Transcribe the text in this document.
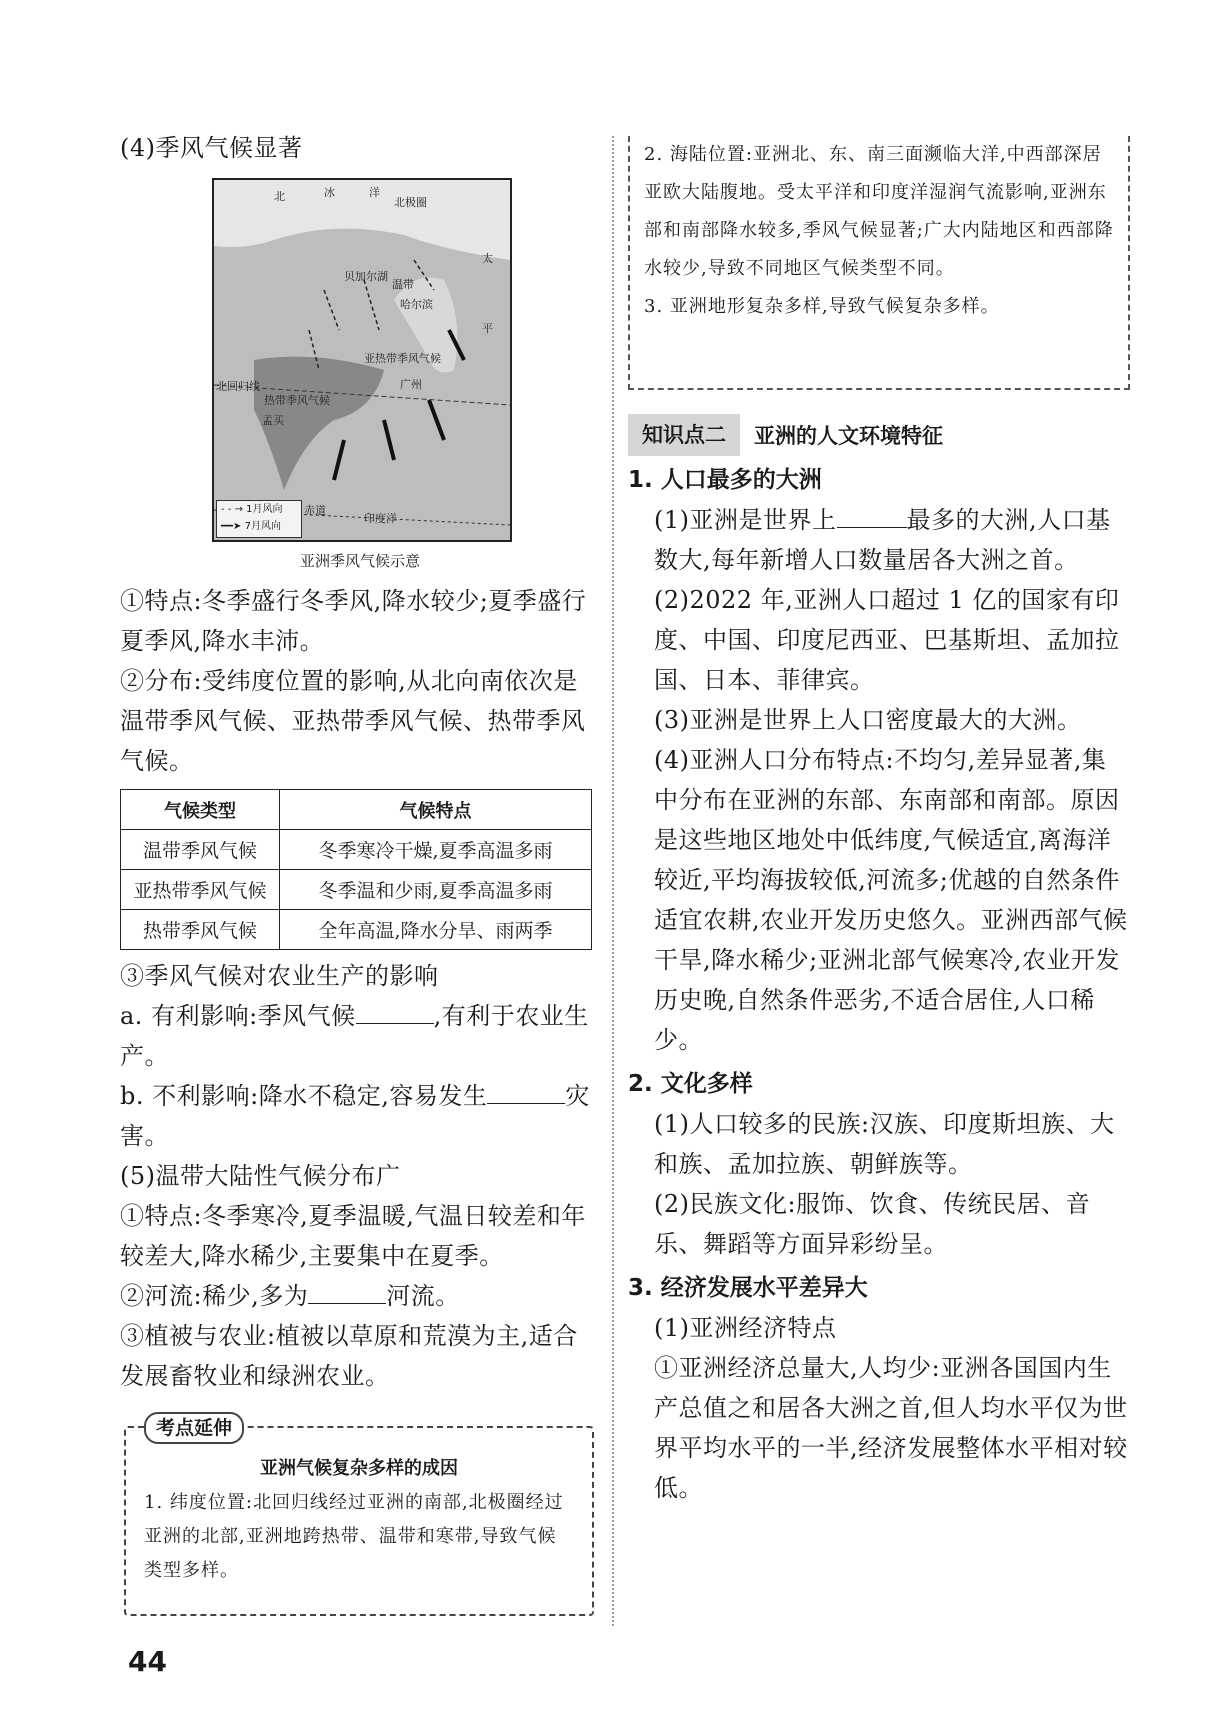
(4)季风气候显著

北	冰	洋
北极圈
贝加尔湖
温带
哈尔滨
亚热带季风气候
广州
热带季风气候
孟买
北回归线
赤道
印度洋
太
平
- - → 1月风向
━━➤ 7月风向
亚洲季风气候示意

①特点:冬季盛行冬季风,降水较少;夏季盛行夏季风,降水丰沛。

②分布:受纬度位置的影响,从北向南依次是温带季风气候、亚热带季风气候、热带季风气候。

气候类型	气候特点
温带季风气候	冬季寒冷干燥,夏季高温多雨
亚热带季风气候	冬季温和少雨,夏季高温多雨
热带季风气候	全年高温,降水分旱、雨两季

③季风气候对农业生产的影响

a. 有利影响:季风气候	,有利于农业生产。

b. 不利影响:降水不稳定,容易发生	灾害。

(5)温带大陆性气候分布广

①特点:冬季寒冷,夏季温暖,气温日较差和年较差大,降水稀少,主要集中在夏季。

②河流:稀少,多为	河流。

③植被与农业:植被以草原和荒漠为主,适合发展畜牧业和绿洲农业。

考点延伸
亚洲气候复杂多样的成因
1. 纬度位置:北回归线经过亚洲的南部,北极圈经过亚洲的北部,亚洲地跨热带、温带和寒带,导致气候类型多样。
2. 海陆位置:亚洲北、东、南三面濒临大洋,中西部深居亚欧大陆腹地。受太平洋和印度洋湿润气流影响,亚洲东部和南部降水较多,季风气候显著;广大内陆地区和西部降水较少,导致不同地区气候类型不同。
3. 亚洲地形复杂多样,导致气候复杂多样。
知识点二	亚洲的人文环境特征

1. 人口最多的大洲

(1)亚洲是世界上	最多的大洲,人口基数大,每年新增人口数量居各大洲之首。

(2)2022 年,亚洲人口超过 1 亿的国家有印度、中国、印度尼西亚、巴基斯坦、孟加拉国、日本、菲律宾。

(3)亚洲是世界上人口密度最大的大洲。

(4)亚洲人口分布特点:不均匀,差异显著,集中分布在亚洲的东部、东南部和南部。原因是这些地区地处中低纬度,气候适宜,离海洋较近,平均海拔较低,河流多;优越的自然条件适宜农耕,农业开发历史悠久。亚洲西部气候干旱,降水稀少;亚洲北部气候寒冷,农业开发历史晚,自然条件恶劣,不适合居住,人口稀少。

2. 文化多样

(1)人口较多的民族:汉族、印度斯坦族、大和族、孟加拉族、朝鲜族等。

(2)民族文化:服饰、饮食、传统民居、音乐、舞蹈等方面异彩纷呈。

3. 经济发展水平差异大

(1)亚洲经济特点

①亚洲经济总量大,人均少:亚洲各国国内生产总值之和居各大洲之首,但人均水平仅为世界平均水平的一半,经济发展整体水平相对较低。

44
